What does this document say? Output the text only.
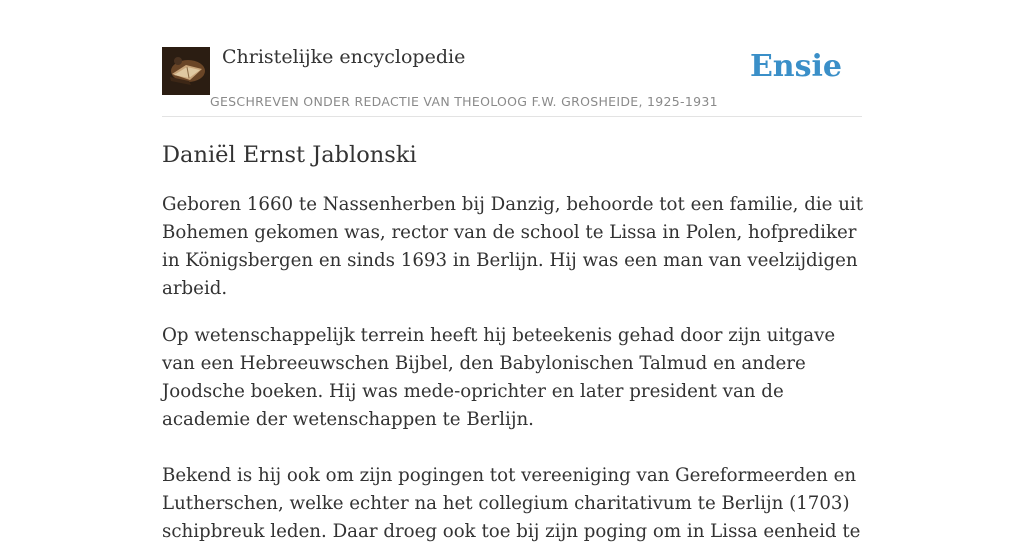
Christelijke encyclopedie
GESCHREVEN ONDER REDACTIE VAN THEOLOOG F.W. GROSHEIDE, 1925-1931
Ensie
Daniël Ernst Jablonski

Geboren 1660 te Nassenherben bij Danzig, behoorde tot een familie, die uit Bohemen gekomen was, rector van de school te Lissa in Polen, hofprediker in Königsbergen en sinds 1693 in Berlijn. Hij was een man van veelzijdigen arbeid.

Op wetenschappelijk terrein heeft hij beteekenis gehad door zijn uitgave van een Hebreeuwschen Bijbel, den Babylonischen Talmud en andere Joodsche boeken. Hij was mede-oprichter en later president van de academie der wetenschappen te Berlijn.

Bekend is hij ook om zijn pogingen tot vereeniging van Gereformeerden en Lutherschen, welke echter na het collegium charitativum te Berlijn (1703) schipbreuk leden. Daar droeg ook toe bij zijn poging om in Lissa eenheid te
